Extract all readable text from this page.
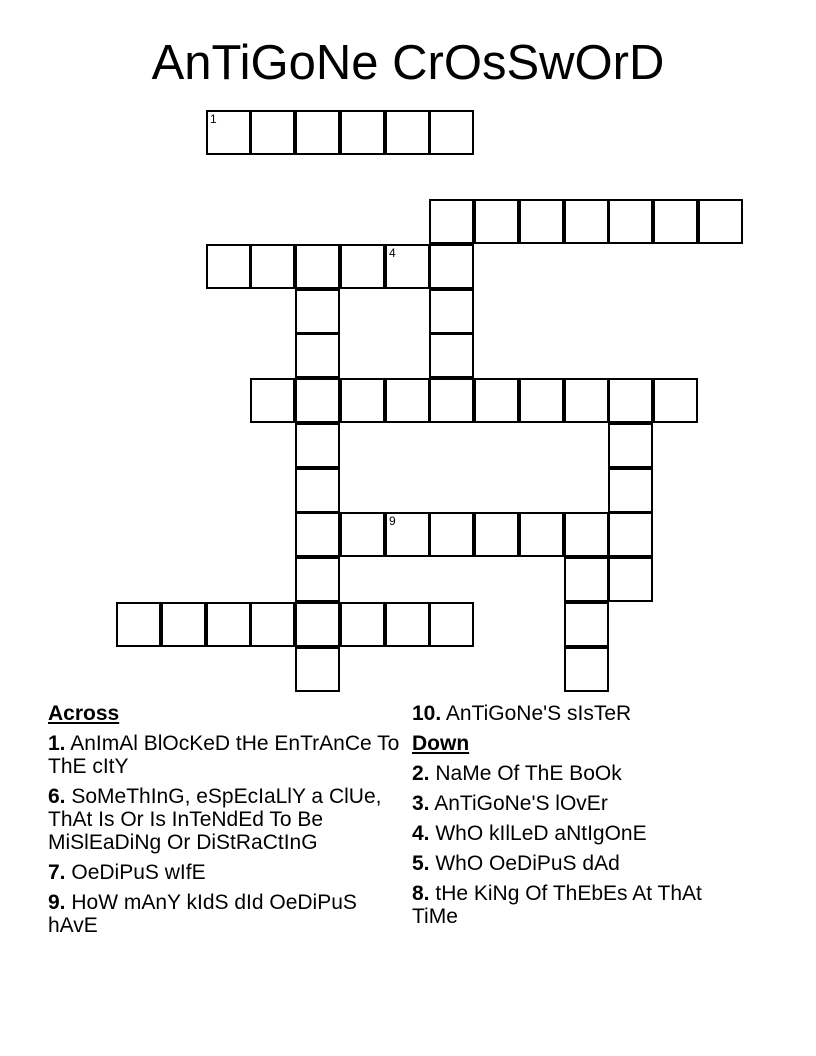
AnTiGoNe CrOsSwOrD
1
4
9
Across
1. AnImAl BlOcKeD tHe EnTrAnCe To ThE cItY
6. SoMeThInG, eSpEcIaLlY a ClUe, ThAt Is Or Is InTeNdEd To Be MiSlEaDiNg Or DiStRaCtInG
7. OeDiPuS wIfE
9. HoW mAnY kIdS dId OeDiPuS hAvE
10. AnTiGoNe'S sIsTeR
Down
2. NaMe Of ThE BoOk
3. AnTiGoNe'S lOvEr
4. WhO kIlLeD aNtIgOnE
5. WhO OeDiPuS dAd
8. tHe KiNg Of ThEbEs At ThAt TiMe
